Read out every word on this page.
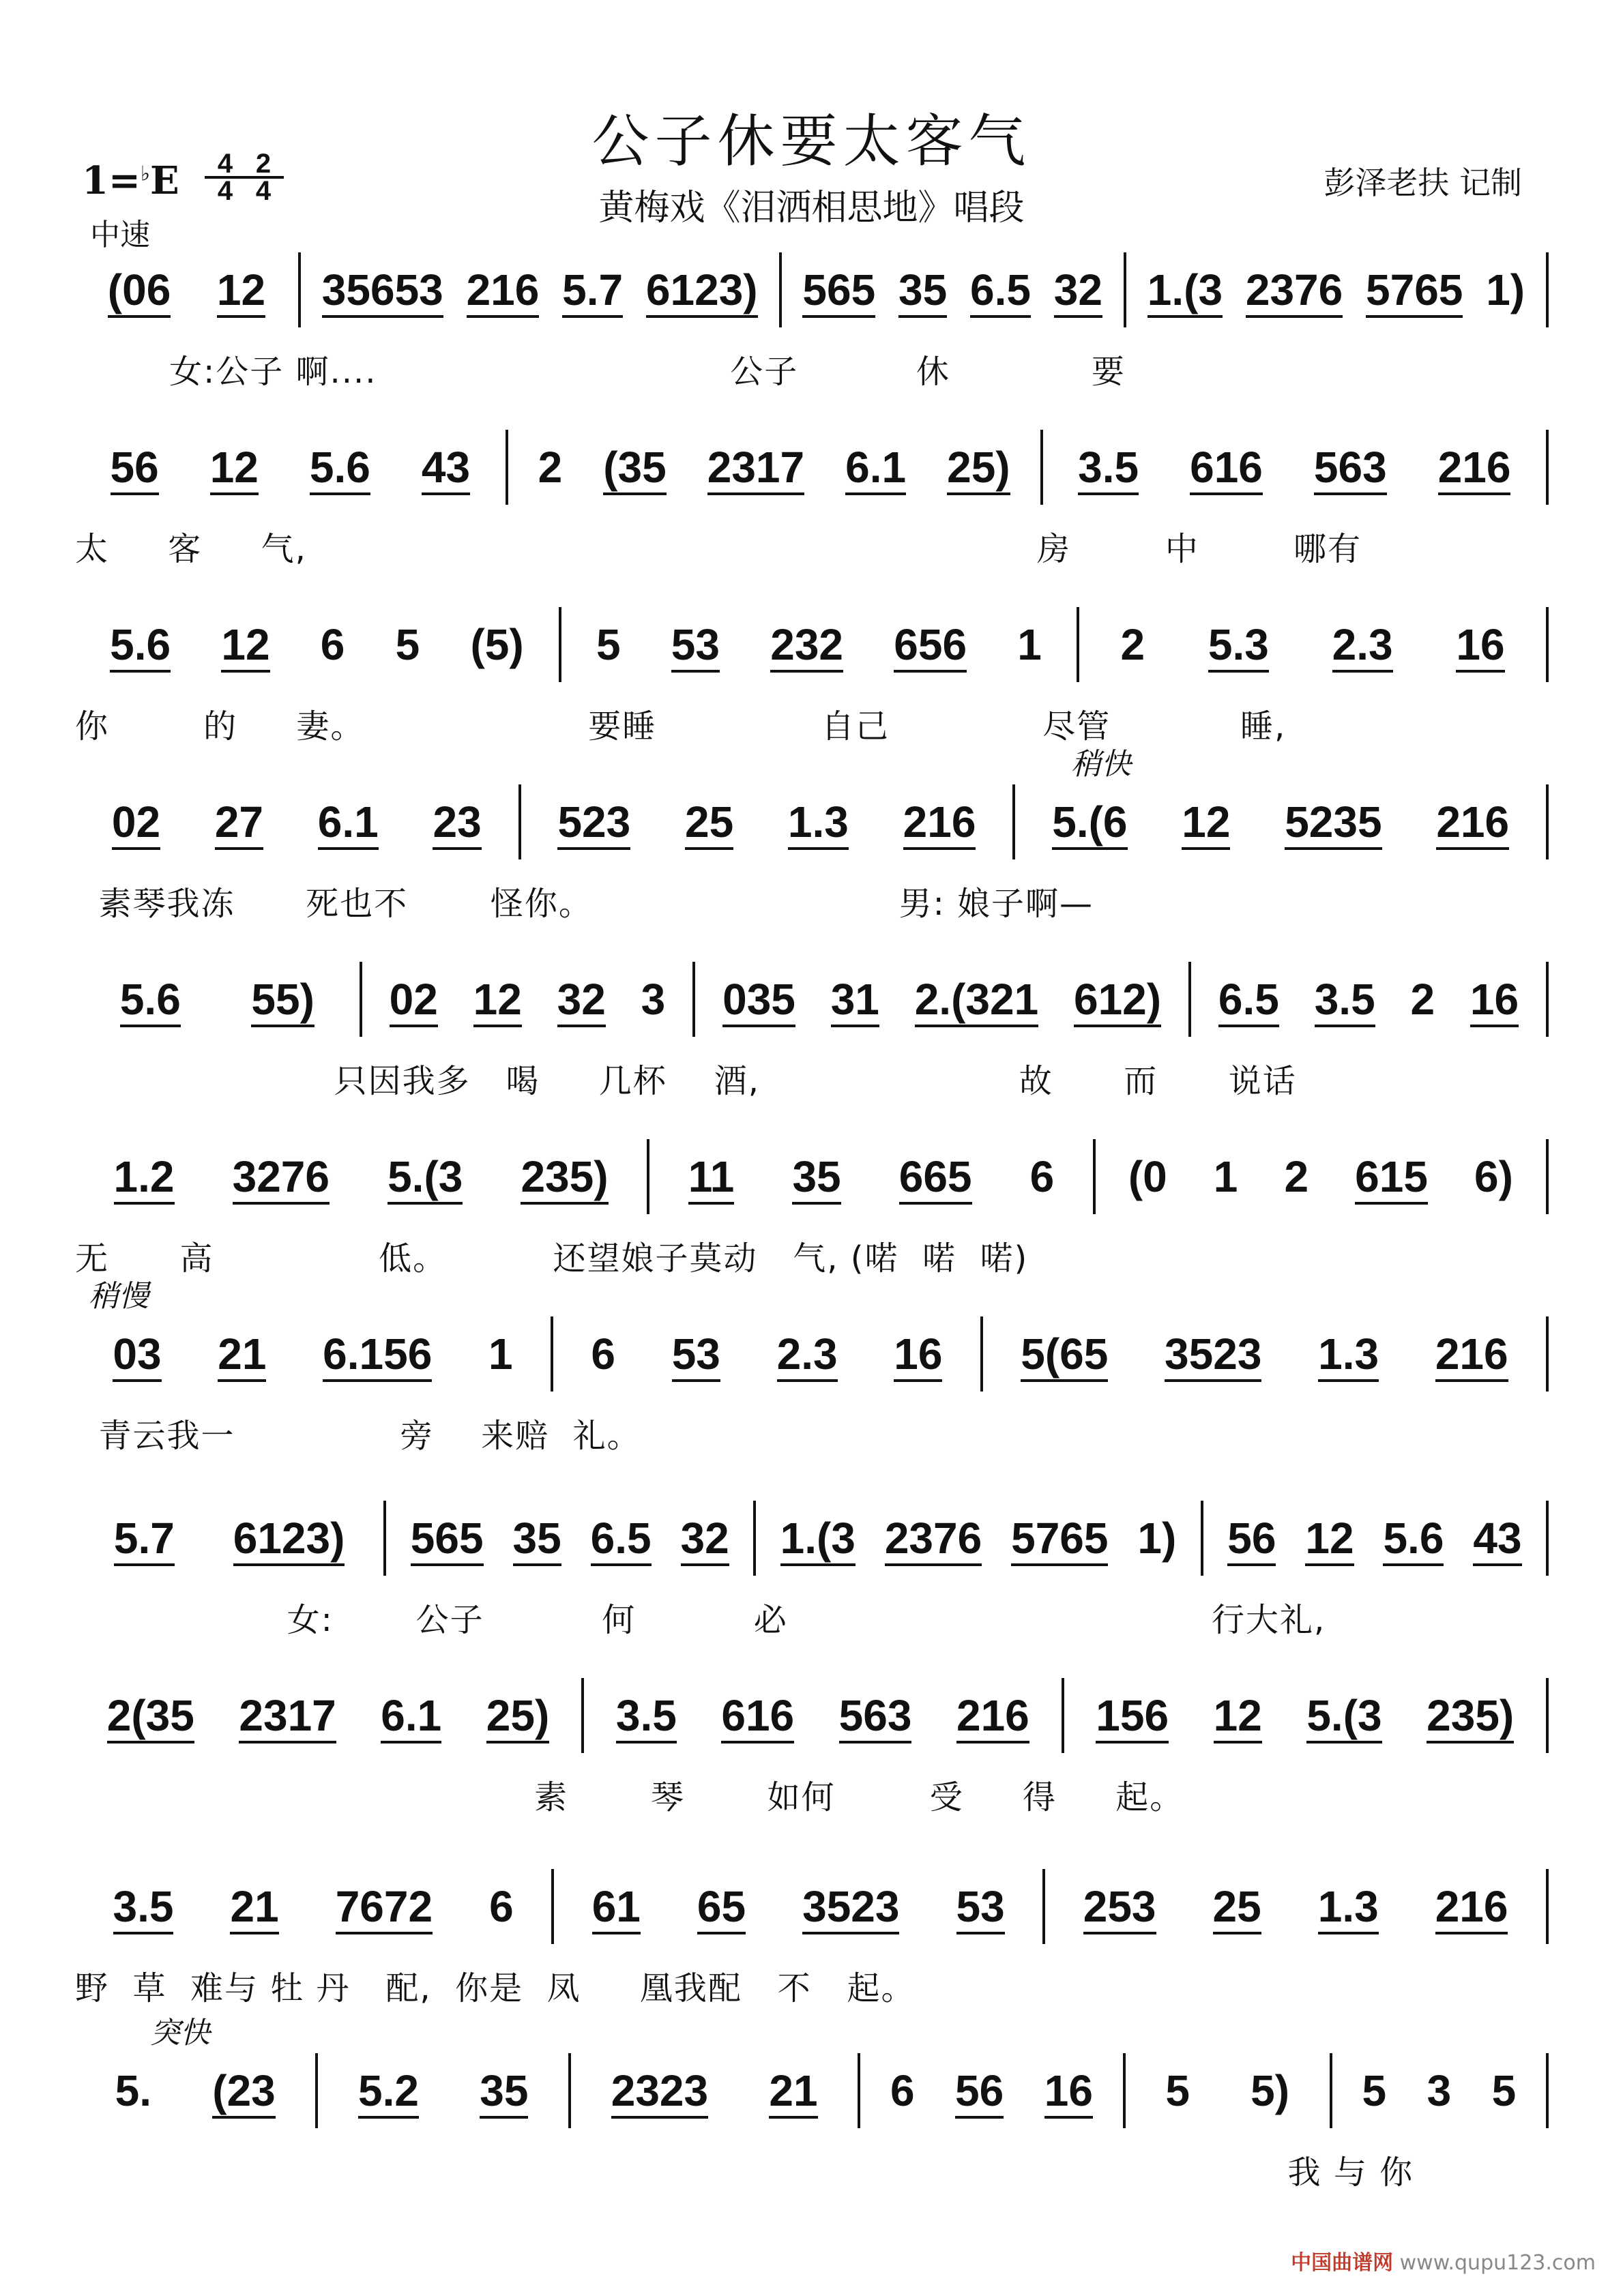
公子休要太客气
黄梅戏《泪洒相思地》唱段
1=♭E	4
4
2
4
中速
彭泽老扶 记制
(06 12 35653 216 5.7 6123) 565 35 6.5 32 1.(3 2376 5765 1)
女:公子 啊....                              公子          休            要
56 12 5.6 43 2 (35 2317 6.1 25) 3.5 616 563 216
太     客     气,                                                              房        中        哪有
5.6 12 6 5 (5) 5 53 232 656 1 2 5.3 2.3 16
你        的     妻。                   要睡              自己             尽管           睡,
稍快
02 27 6.1 23 523 25 1.3 216 5.(6 12 5235 216
素琴我冻      死也不       怪你。                          男: 娘子啊—
5.6 55) 02 12 32 3 035 31 2.(321 612) 6.5 3.5 2 16
只因我多   喝     几杯    酒,                      故      而      说话
1.2 3276 5.(3 235) 11 35 665 6 (0 1 2 615 6)
无      高              低。         还望娘子莫动   气, (喏  喏  喏)
稍慢
03 21 6.156 1 6 53 2.3 16 5(65 3523 1.3 216
青云我一              旁    来赔  礼。
5.7 6123) 565 35 6.5 32 1.(3 2376 5765 1) 56 12 5.6 43
女:       公子          何          必                                    行大礼,
2(35 2317 6.1 25) 3.5 616 563 216 156 12 5.(3 235)
素       琴       如何        受     得     起。
3.5 21 7672 6 61 65 3523 53 253 25 1.3 216
野  草  难与 牡 丹   配,  你是  凤     凰我配   不   起。
突快
5. (23 5.2 35 2323 21 6 56 16 5 5) 5 3 5
我 与 你
中国曲谱网 www.qupu123.com
